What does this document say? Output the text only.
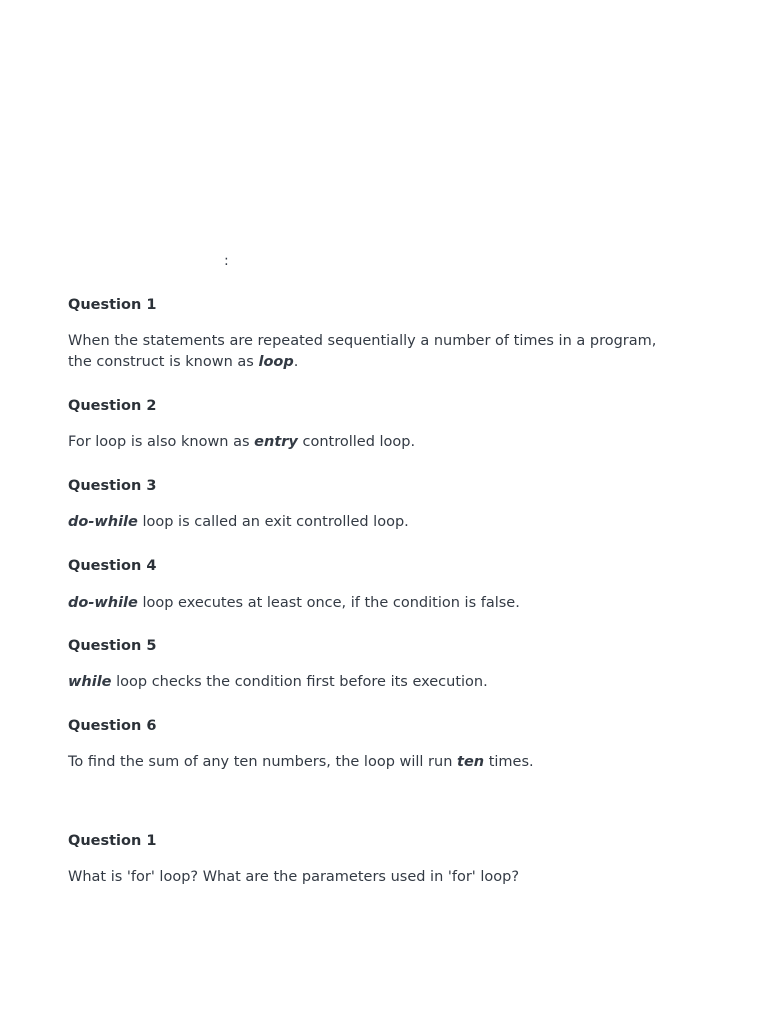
:
Question 1
When the statements are repeated sequentially a number of times in a program, the construct is known as loop.
Question 2
For loop is also known as entry controlled loop.
Question 3
do-while loop is called an exit controlled loop.
Question 4
do-while loop executes at least once, if the condition is false.
Question 5
while loop checks the condition first before its execution.
Question 6
To find the sum of any ten numbers, the loop will run ten times.
Question 1
What is 'for' loop? What are the parameters used in 'for' loop?
